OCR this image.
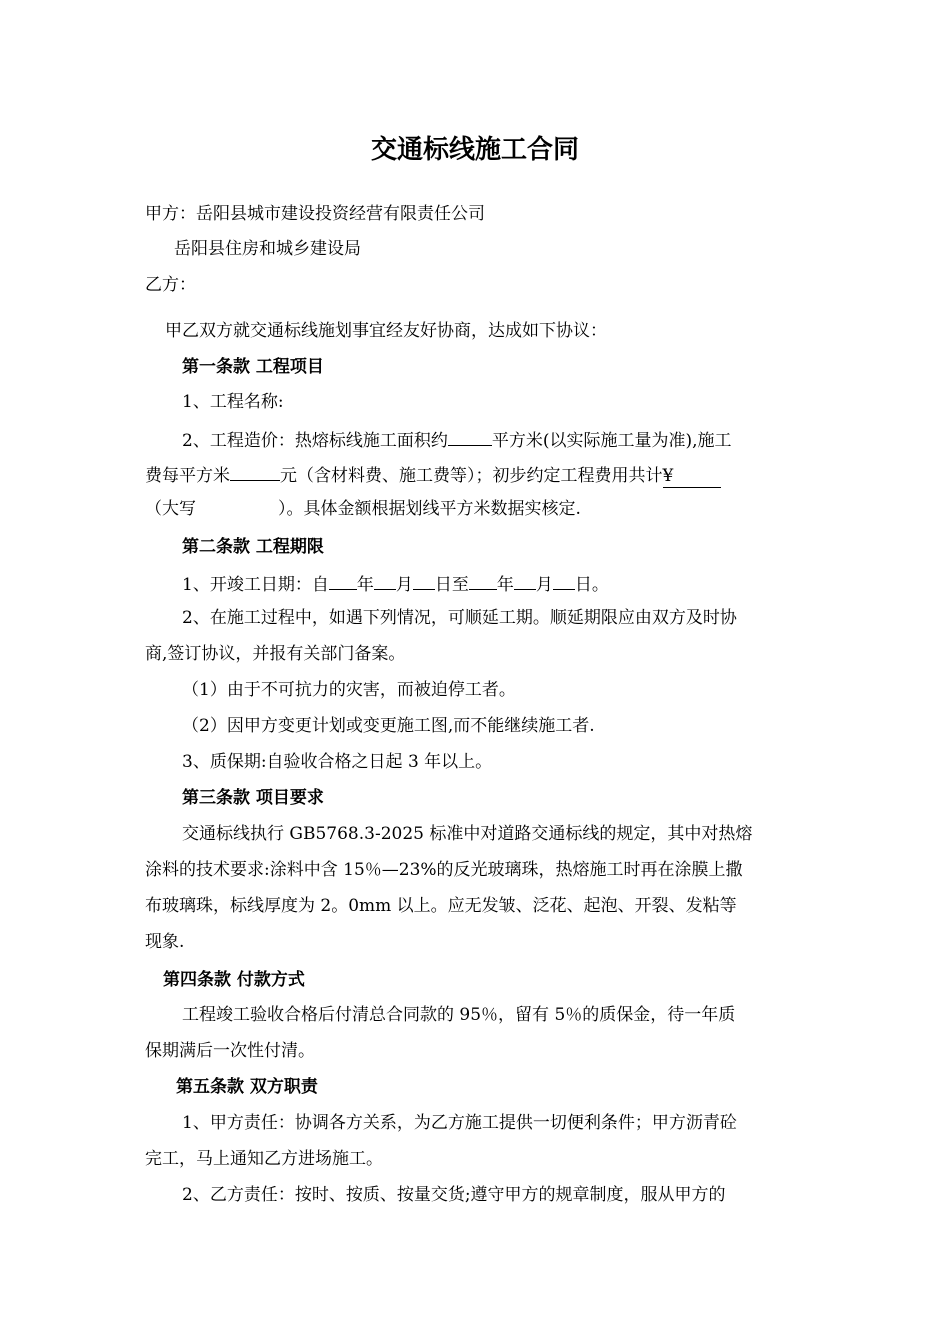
交通标线施工合同
甲方：岳阳县城市建设投资经营有限责任公司
岳阳县住房和城乡建设局
乙方：
甲乙双方就交通标线施划事宜经友好协商，达成如下协议：
第一条款 工程项目
1、工程名称:
2、工程造价：热熔标线施工面积约	平方米(以实际施工量为准),施工
费每平方米	元（含材料费、施工费等）；初步约定工程费用共计¥
（大写	）。具体金额根据划线平方米数据实核定.
第二条款 工程期限
1、开竣工日期：自 年 月 日至 年 月 日。
2、在施工过程中，如遇下列情况，可顺延工期。顺延期限应由双方及时协
商,签订协议，并报有关部门备案。
（1）由于不可抗力的灾害，而被迫停工者。
（2）因甲方变更计划或变更施工图,而不能继续施工者.
3、质保期:自验收合格之日起 3 年以上。
第三条款 项目要求
交通标线执行 GB5768.3-2025 标准中对道路交通标线的规定，其中对热熔
涂料的技术要求:涂料中含 15％—23%的反光玻璃珠，热熔施工时再在涂膜上撒
布玻璃珠，标线厚度为 2。0mm 以上。应无发皱、泛花、起泡、开裂、发粘等
现象.
第四条款 付款方式
工程竣工验收合格后付清总合同款的 95％，留有 5％的质保金，待一年质
保期满后一次性付清。
第五条款 双方职责
1、甲方责任：协调各方关系，为乙方施工提供一切便利条件；甲方沥青砼
完工，马上通知乙方进场施工。
2、乙方责任：按时、按质、按量交货;遵守甲方的规章制度，服从甲方的
